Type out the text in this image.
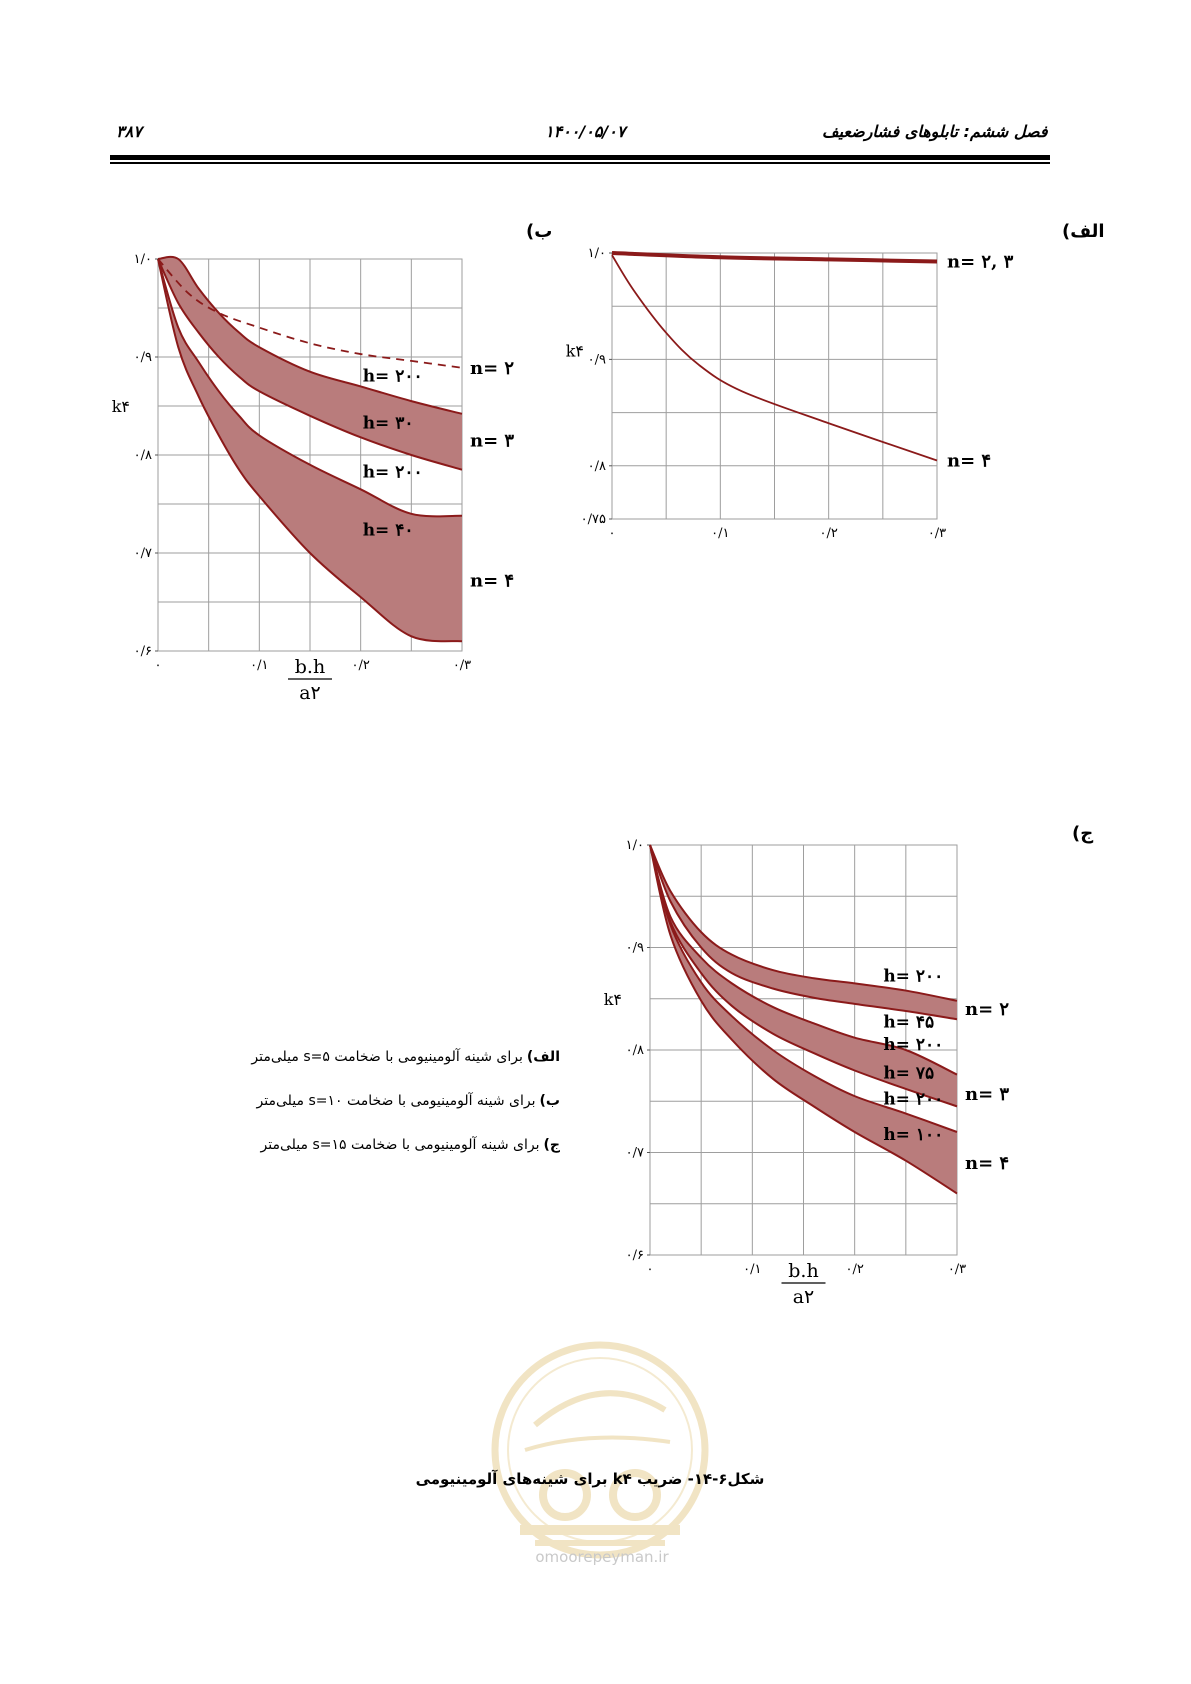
۳۸۷	۱۴۰۰/۰۵/۰۷	فصل ششم: تابلوهای فشارضعیف
الف)
ب)
ج)
n= ۲, ۳
n= ۴
۱/۰
۰/۹
۰/۸
۰/۷۵
۰	۰/۱	۰/۲	۰/۳
k۴
h= ۲۰۰
h= ۳۰
h= ۲۰۰
h= ۴۰
n= ۲
n= ۳
n= ۴
۱/۰
۰/۹
۰/۸
۰/۷
۰/۶
۰	۰/۱	۰/۲	۰/۳
k۴
b.h
a۲
h= ۲۰۰
h= ۴۵
h= ۲۰۰
h= ۷۵
h= ۲۰۰
h= ۱۰۰
n= ۲
n= ۳
n= ۴
۱/۰
۰/۹
۰/۸
۰/۷
۰/۶
۰	۰/۱	۰/۲	۰/۳
k۴
b.h
a۲
الف)برای شینه آلومینیومی با ضخامت s=۵ میلی‌متر
ب)برای شینه آلومینیومی با ضخامت s=۱۰ میلی‌متر
ج)برای شینه آلومینیومی با ضخامت s=۱۵ میلی‌متر
omoorepeyman.ir
شکل۶-۱۴- ضریب k۴ برای شینه‌های آلومینیومی
